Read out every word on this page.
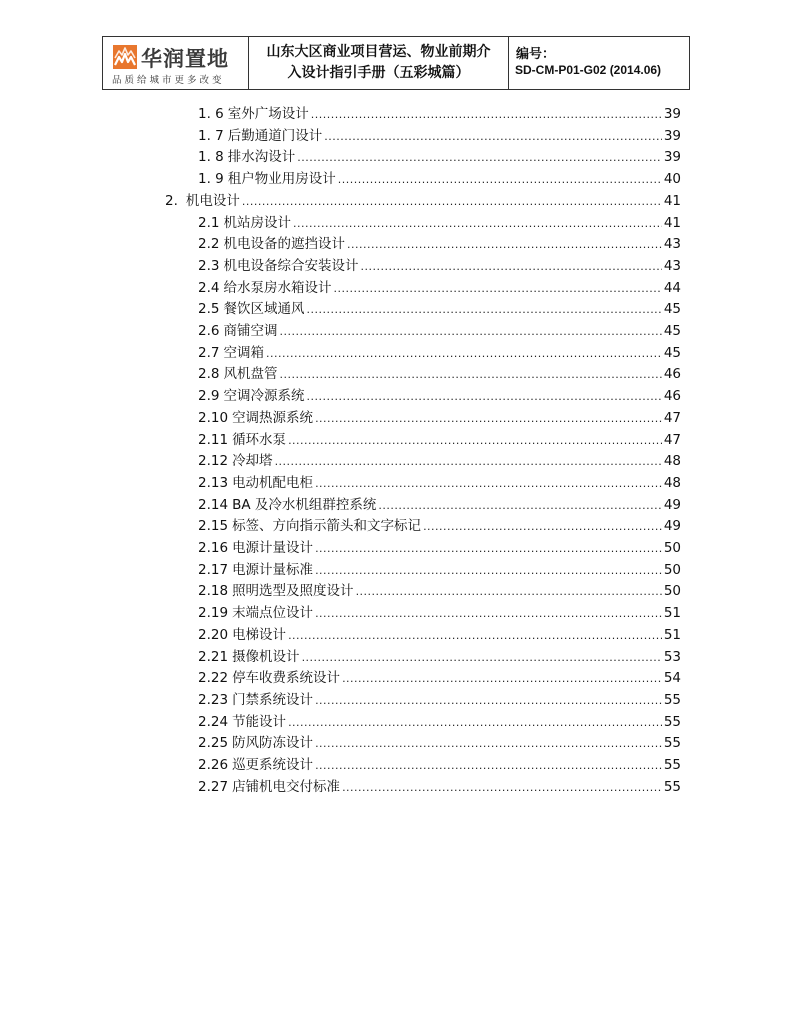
华润置地
品质给城市更多改变
山东大区商业项目营运、物业前期介
入设计指引手册（五彩城篇）
编号：
SD-CM-P01-G02 (2014.06)
1. 6 室外广场设计 .....	39
1. 7 后勤通道门设计 .....	39
1. 8 排水沟设计 .....	39
1. 9 租户物业用房设计 .....	40
2. 机电设计 .....	41
2.1 机站房设计 .....	41
2.2 机电设备的遮挡设计 .....	43
2.3 机电设备综合安装设计 .....	43
2.4 给水泵房水箱设计 .....	44
2.5 餐饮区域通风 .....	45
2.6 商铺空调 .....	45
2.7 空调箱 .....	45
2.8 风机盘管 .....	46
2.9 空调冷源系统 .....	46
2.10 空调热源系统 .....	47
2.11 循环水泵 .....	47
2.12 冷却塔 .....	48
2.13 电动机配电柜 .....	48
2.14 BA 及冷水机组群控系统 .....	49
2.15 标签、方向指示箭头和文字标记 .....	49
2.16 电源计量设计 .....	50
2.17 电源计量标准 .....	50
2.18 照明选型及照度设计 .....	50
2.19 末端点位设计 .....	51
2.20 电梯设计 .....	51
2.21 摄像机设计 .....	53
2.22 停车收费系统设计 .....	54
2.23 门禁系统设计 .....	55
2.24 节能设计 .....	55
2.25 防风防冻设计 .....	55
2.26 巡更系统设计 .....	55
2.27 店铺机电交付标准 .....	55
